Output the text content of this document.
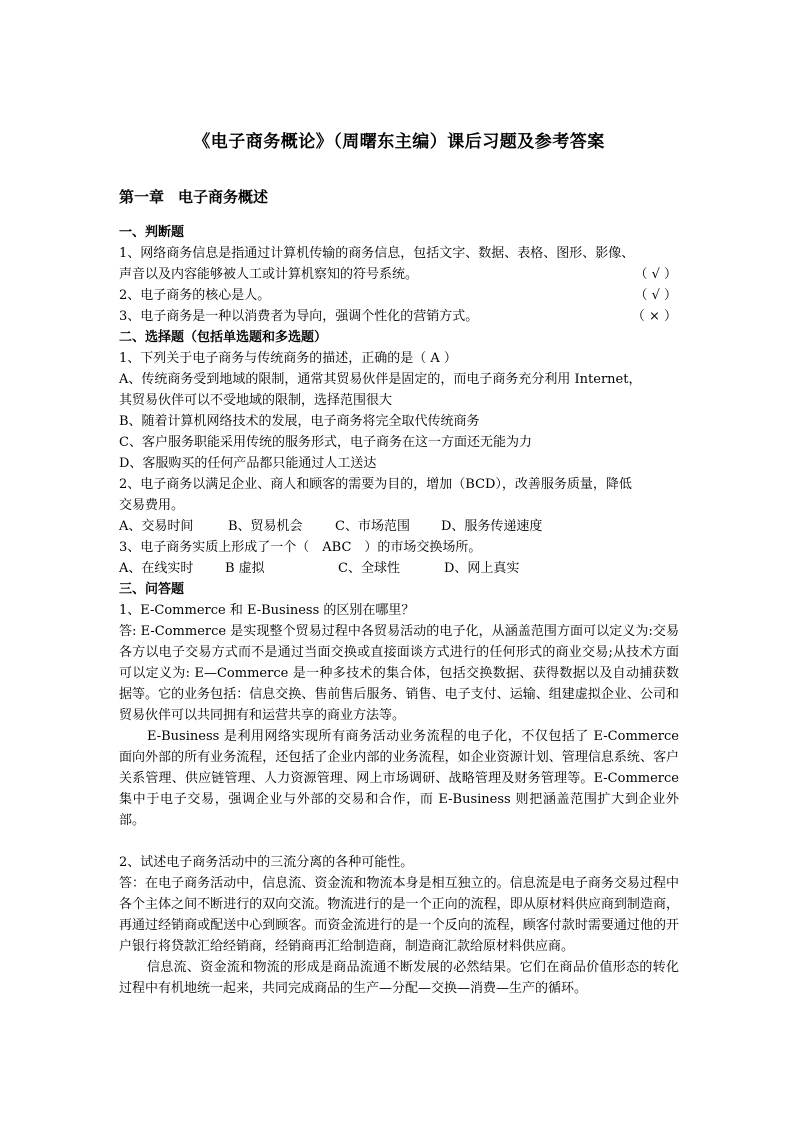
《电子商务概论》（周曙东主编）课后习题及参考答案
第一章 电子商务概述
一、判断题
1、网络商务信息是指通过计算机传输的商务信息，包括文字、数据、表格、图形、影像、
声音以及内容能够被人工或计算机察知的符号系统。	（ √ ）
2、电子商务的核心是人。	（ √ ）
3、电子商务是一种以消费者为导向，强调个性化的营销方式。	（ × ）
二、选择题（包括单选题和多选题）
1、下列关于电子商务与传统商务的描述，正确的是（ A ）
A、传统商务受到地域的限制，通常其贸易伙伴是固定的，而电子商务充分利用 Internet，
其贸易伙伴可以不受地域的限制，选择范围很大
B、随着计算机网络技术的发展，电子商务将完全取代传统商务
C、客户服务职能采用传统的服务形式，电子商务在这一方面还无能为力
D、客服购买的任何产品都只能通过人工送达
2、电子商务以满足企业、商人和顾客的需要为目的，增加（BCD），改善服务质量，降低
交易费用。
A、交易时间	B、贸易机会 C、市场范围 D、服务传递速度
3、电子商务实质上形成了一个（　ABC　）的市场交换场所。
A、在线实时 B 虚拟	C、全球性	D、网上真实
三、问答题
1、E-Commerce 和 E-Business 的区别在哪里？
答: E-Commerce 是实现整个贸易过程中各贸易活动的电子化，从涵盖范围方面可以定义为:交易各方以电子交易方式而不是通过当面交换或直接面谈方式进行的任何形式的商业交易;从技术方面可以定义为: E—Commerce 是一种多技术的集合体，包括交换数据、获得数据以及自动捕获数据等。它的业务包括：信息交换、售前售后服务、销售、电子支付、运输、组建虚拟企业、公司和贸易伙伴可以共同拥有和运营共享的商业方法等。
E-Business 是利用网络实现所有商务活动业务流程的电子化，不仅包括了 E-Commerce 面向外部的所有业务流程，还包括了企业内部的业务流程，如企业资源计划、管理信息系统、客户关系管理、供应链管理、人力资源管理、网上市场调研、战略管理及财务管理等。E-Commerce 集中于电子交易，强调企业与外部的交易和合作，而 E-Business 则把涵盖范围扩大到企业外部。
2、试述电子商务活动中的三流分离的各种可能性。
答：在电子商务活动中，信息流、资金流和物流本身是相互独立的。信息流是电子商务交易过程中各个主体之间不断进行的双向交流。物流进行的是一个正向的流程，即从原材料供应商到制造商，再通过经销商或配送中心到顾客。而资金流进行的是一个反向的流程，顾客付款时需要通过他的开户银行将贷款汇给经销商，经销商再汇给制造商，制造商汇款给原材料供应商。
信息流、资金流和物流的形成是商品流通不断发展的必然结果。它们在商品价值形态的转化过程中有机地统一起来，共同完成商品的生产—分配—交换—消费—生产的循环。
